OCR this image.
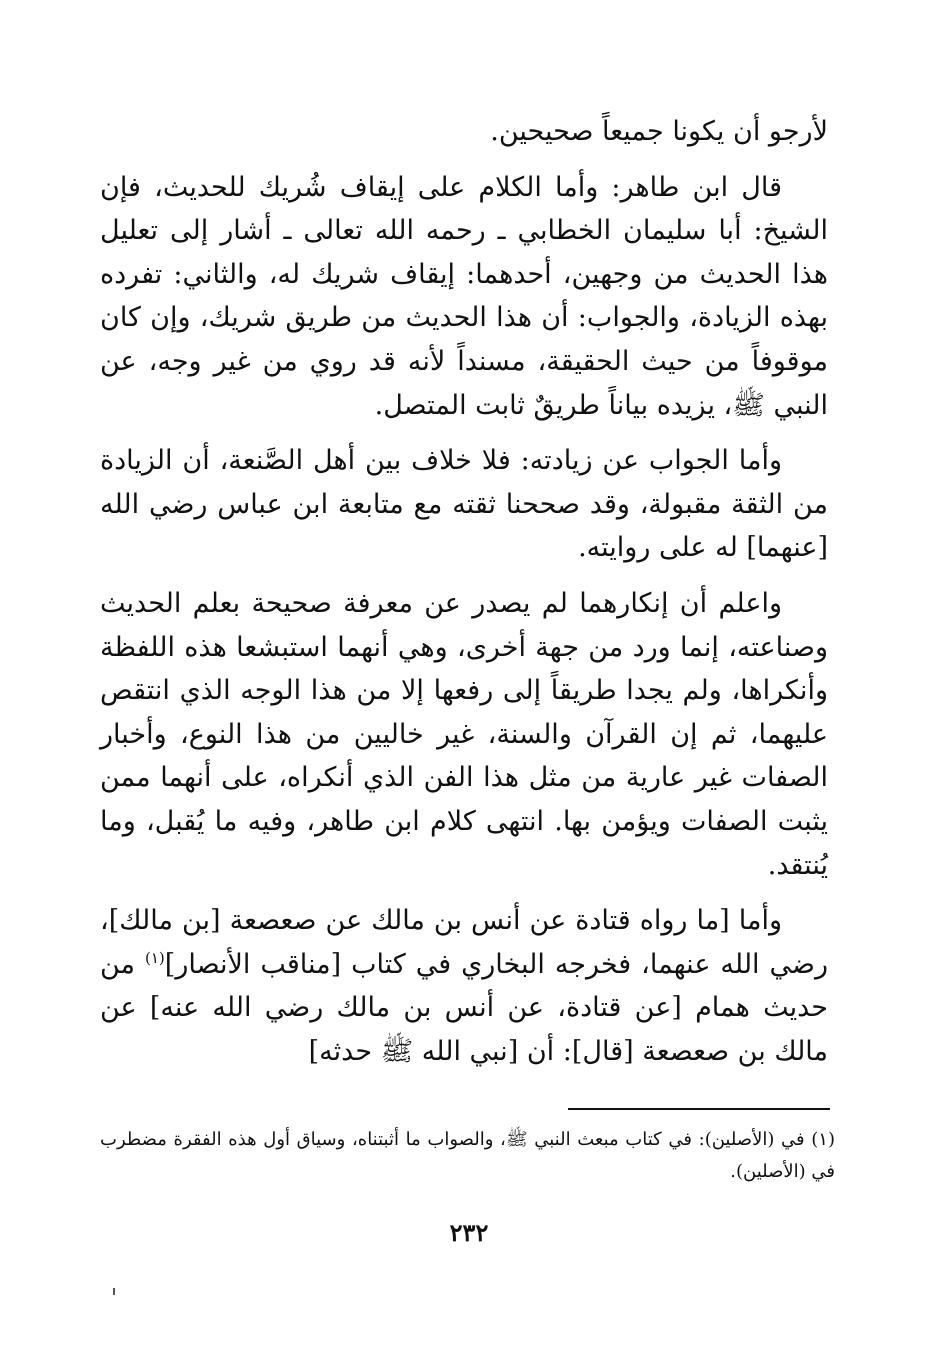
لأرجو أن يكونا جميعاً صحيحين.

قال ابن طاهر: وأما الكلام على إيقاف شُريك للحديث، فإن الشيخ: أبا سليمان الخطابي ـ رحمه الله تعالى ـ أشار إلى تعليل هذا الحديث من وجهين، أحدهما: إيقاف شريك له، والثاني: تفرده بهذه الزيادة، والجواب: أن هذا الحديث من طريق شريك، وإن كان موقوفاً من حيث الحقيقة، مسنداً لأنه قد روي من غير وجه، عن النبي ﷺ، يزيده بياناً طريقٌ ثابت المتصل.

وأما الجواب عن زيادته: فلا خلاف بين أهل الصَّنعة، أن الزيادة من الثقة مقبولة، وقد صححنا ثقته مع متابعة ابن عباس رضي الله [عنهما] له على روايته.

واعلم أن إنكارهما لم يصدر عن معرفة صحيحة بعلم الحديث وصناعته، إنما ورد من جهة أخرى، وهي أنهما استبشعا هذه اللفظة وأنكراها، ولم يجدا طريقاً إلى رفعها إلا من هذا الوجه الذي انتقص عليهما، ثم إن القرآن والسنة، غير خاليين من هذا النوع، وأخبار الصفات غير عارية من مثل هذا الفن الذي أنكراه، على أنهما ممن يثبت الصفات ويؤمن بها. انتهى كلام ابن طاهر، وفيه ما يُقبل، وما يُنتقد.

وأما [ما رواه قتادة عن أنس بن مالك عن صعصعة [بن مالك]، رضي الله عنهما، فخرجه البخاري في كتاب [مناقب الأنصار]$^{(١)}$ من حديث همام [عن قتادة، عن أنس بن مالك رضي الله عنه] عن مالك بن صعصعة [قال]: أن [نبي الله ﷺ حدثه]

(١) في (الأصلين): في كتاب مبعث النبي ﷺ، والصواب ما أثبتناه، وسياق أول هذه الفقرة مضطرب في (الأصلين).
٢٣٢
